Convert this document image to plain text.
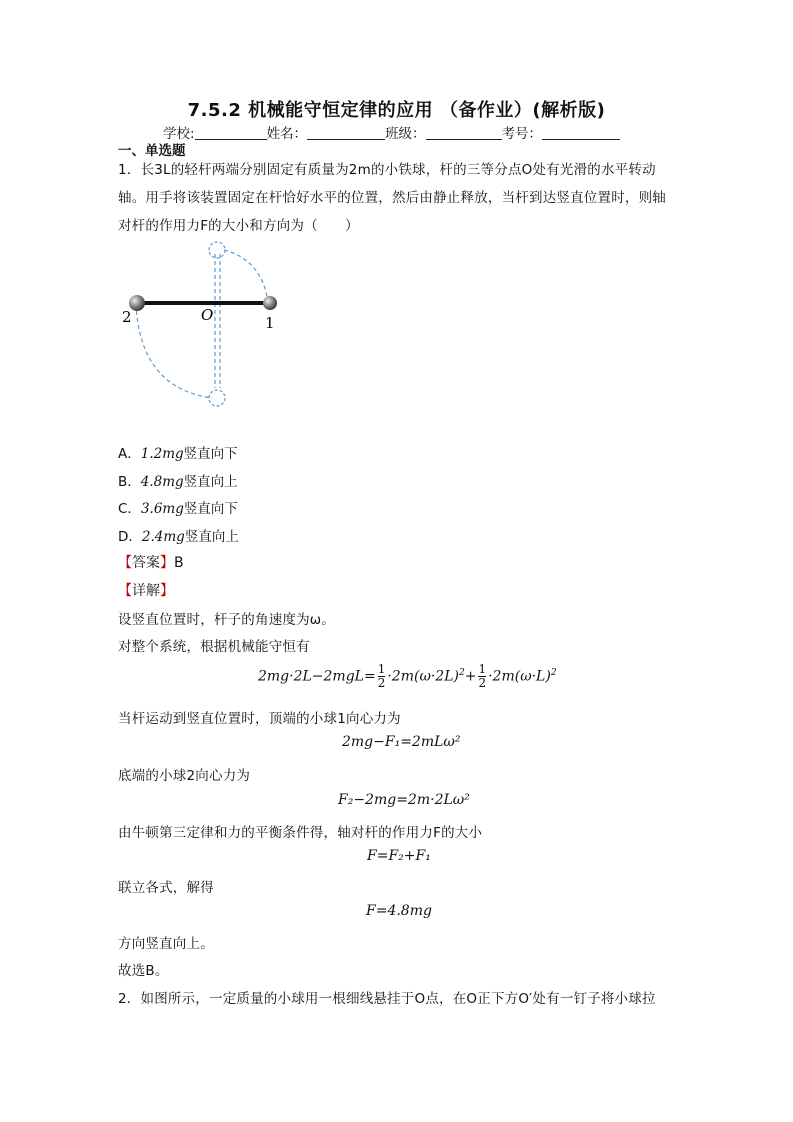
7.5.2 机械能守恒定律的应用 （备作业）(解析版)
学校:	姓名：	班级：	考号：
一、单选题
1．长3L的轻杆两端分别固定有质量为2m的小铁球，杆的三等分点O处有光滑的水平转动
轴。用手将该装置固定在杆恰好水平的位置，然后由静止释放，当杆到达竖直位置时，则轴
对杆的作用力F的大小和方向为（　　）
2	O	1
A．1.2mg竖直向下
B．4.8mg竖直向上
C．3.6mg竖直向下
D．2.4mg竖直向上
【答案】B
【详解】
设竖直位置时，杆子的角速度为ω。
对整个系统，根据机械能守恒有
$2mg\cdot 2L-2mgL= \frac{1}{2} \cdot 2m(\omega\cdot 2L)^2+ \frac{1}{2} \cdot 2m(\omega\cdot L)^2$
当杆运动到竖直位置时，顶端的小球1向心力为
2mg−F₁=2mLω²
底端的小球2向心力为
F₂−2mg=2m·2Lω²
由牛顿第三定律和力的平衡条件得，轴对杆的作用力F的大小
F=F₂+F₁
联立各式，解得
F=4.8mg
方向竖直向上。
故选B。
2．如图所示，一定质量的小球用一根细线悬挂于O点，在O正下方O′处有一钉子将小球拉
